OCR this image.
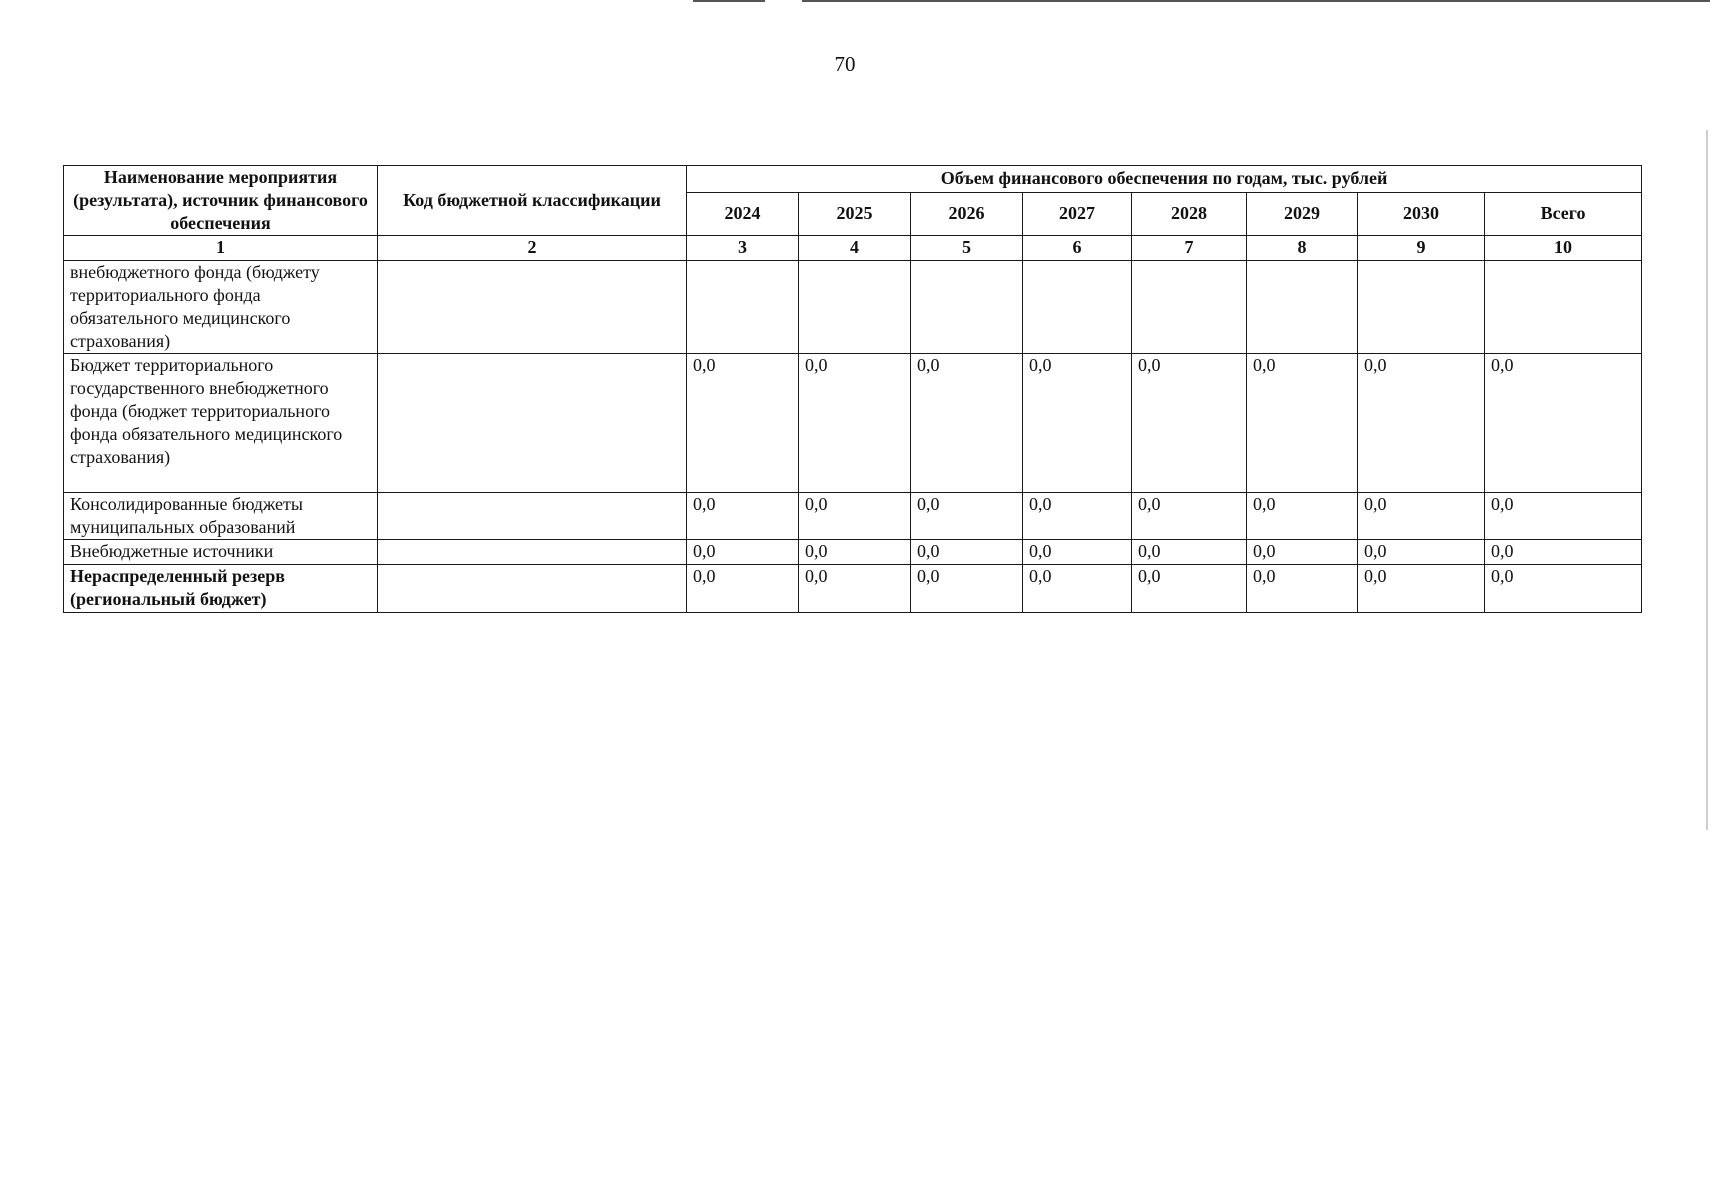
70
Наименование мероприятия (результата), источник финансового обеспечения	Код бюджетной классификации	Объем финансового обеспечения по годам, тыс. рублей							
		2024	2025	2026	2027	2028	2029	2030	Всего
1	2	3	4	5	6	7	8	9	10
внебюджетного фонда (бюджету территориального фонда обязательного медицинского страхования)									
Бюджет территориального государственного внебюджетного фонда (бюджет территориального фонда обязательного медицинского страхования)		0,0	0,0	0,0	0,0	0,0	0,0	0,0	0,0
Консолидированные бюджеты муниципальных образований		0,0	0,0	0,0	0,0	0,0	0,0	0,0	0,0
Внебюджетные источники		0,0	0,0	0,0	0,0	0,0	0,0	0,0	0,0
Нераспределенный резерв (региональный бюджет)		0,0	0,0	0,0	0,0	0,0	0,0	0,0	0,0
